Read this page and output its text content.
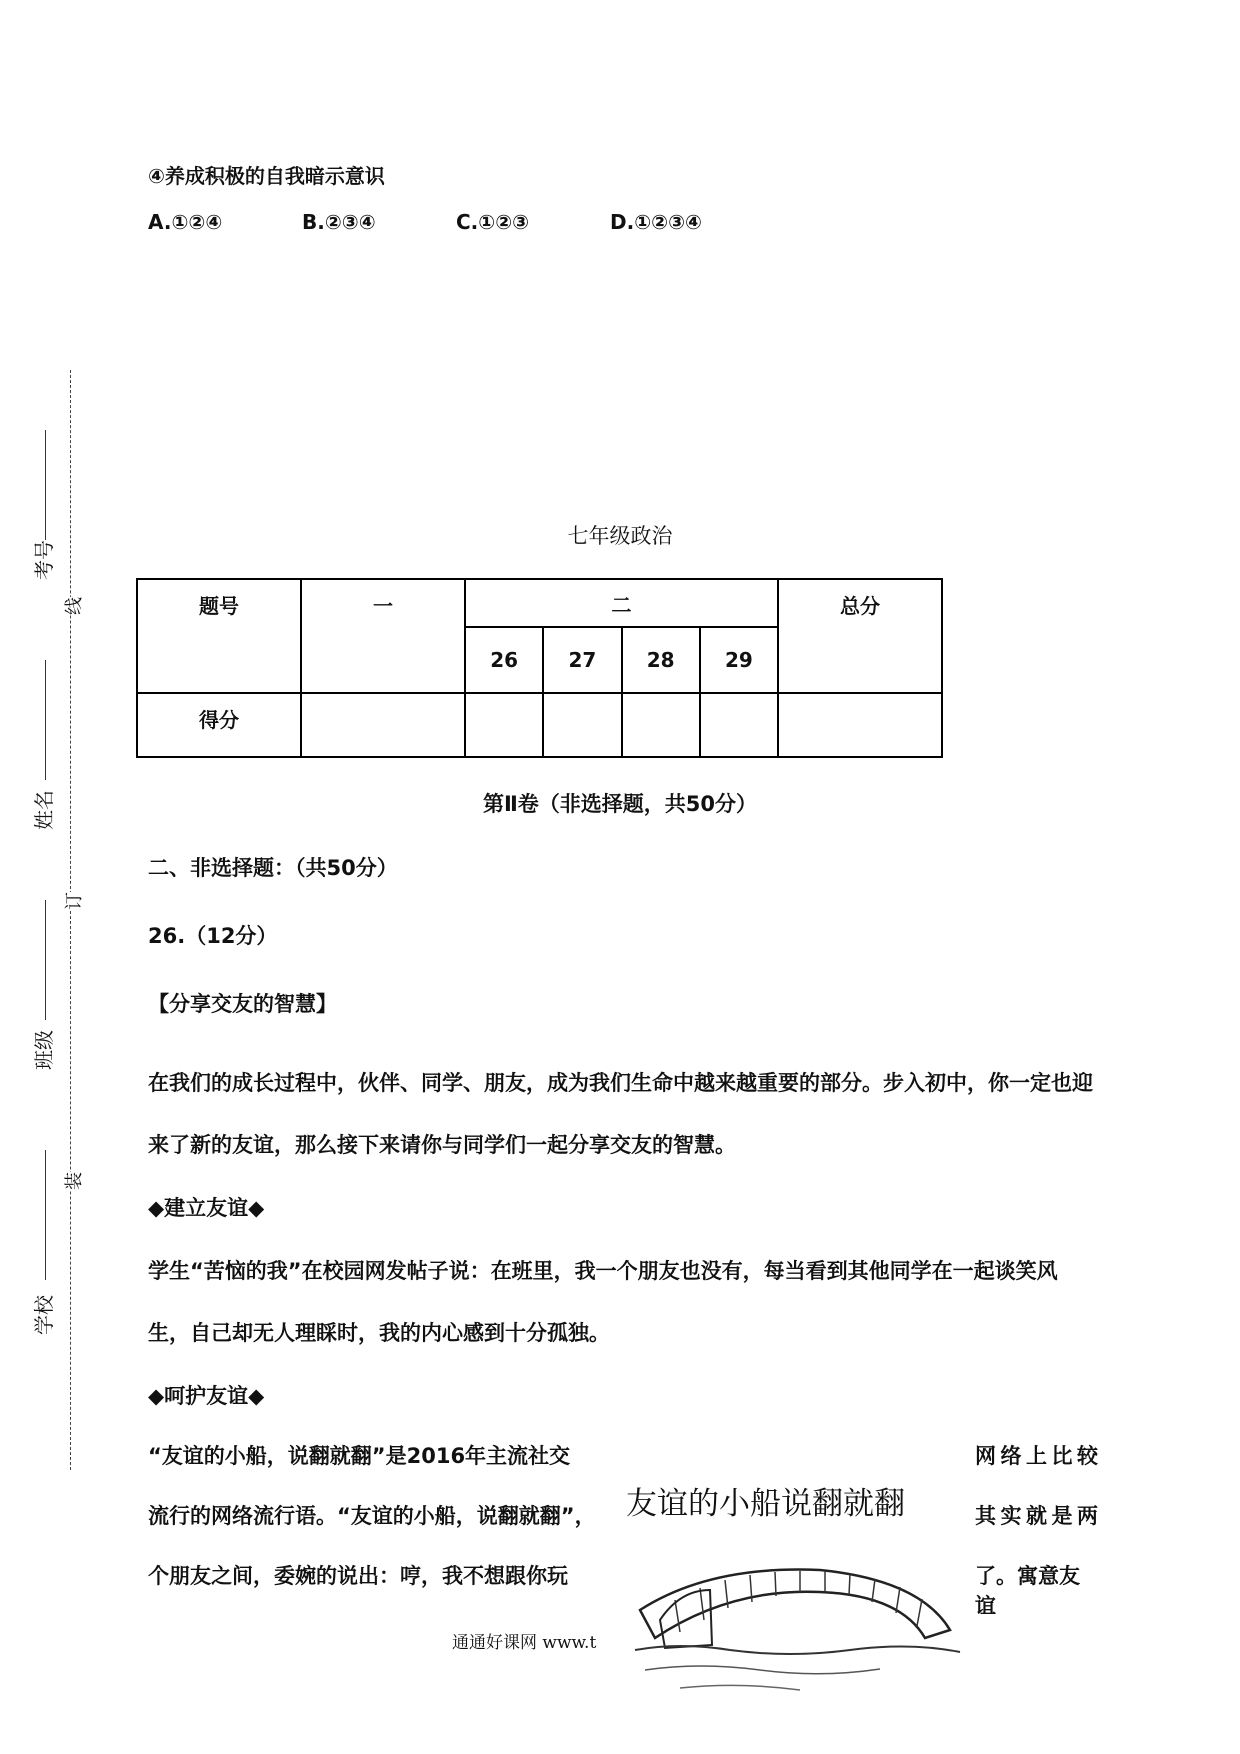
考号
姓名
班级
学校
线
订
装
④养成积极的自我暗示意识
A.①②④	B.②③④	C.①②③	D.①②③④
七年级政治
题号	一	二				总分
		26	27	28	29	
得分						
第Ⅱ卷（非选择题，共50分）
二、非选择题：（共50分）
26.（12分）
【分享交友的智慧】
在我们的成长过程中，伙伴、同学、朋友，成为我们生命中越来越重要的部分。步入初中，你一定也迎来了新的友谊，那么接下来请你与同学们一起分享交友的智慧。
◆建立友谊◆
学生“苦恼的我”在校园网发帖子说：在班里，我一个朋友也没有，每当看到其他同学在一起谈笑风生，自己却无人理睬时，我的内心感到十分孤独。
◆呵护友谊◆
“友谊的小船，说翻就翻”是2016年主流社交
流行的网络流行语。“友谊的小船，说翻就翻”，
个朋友之间，委婉的说出：哼，我不想跟你玩
网络上比较
其实就是两
了。寓意友谊
友谊的小船说翻就翻
通通好课网 www.t
